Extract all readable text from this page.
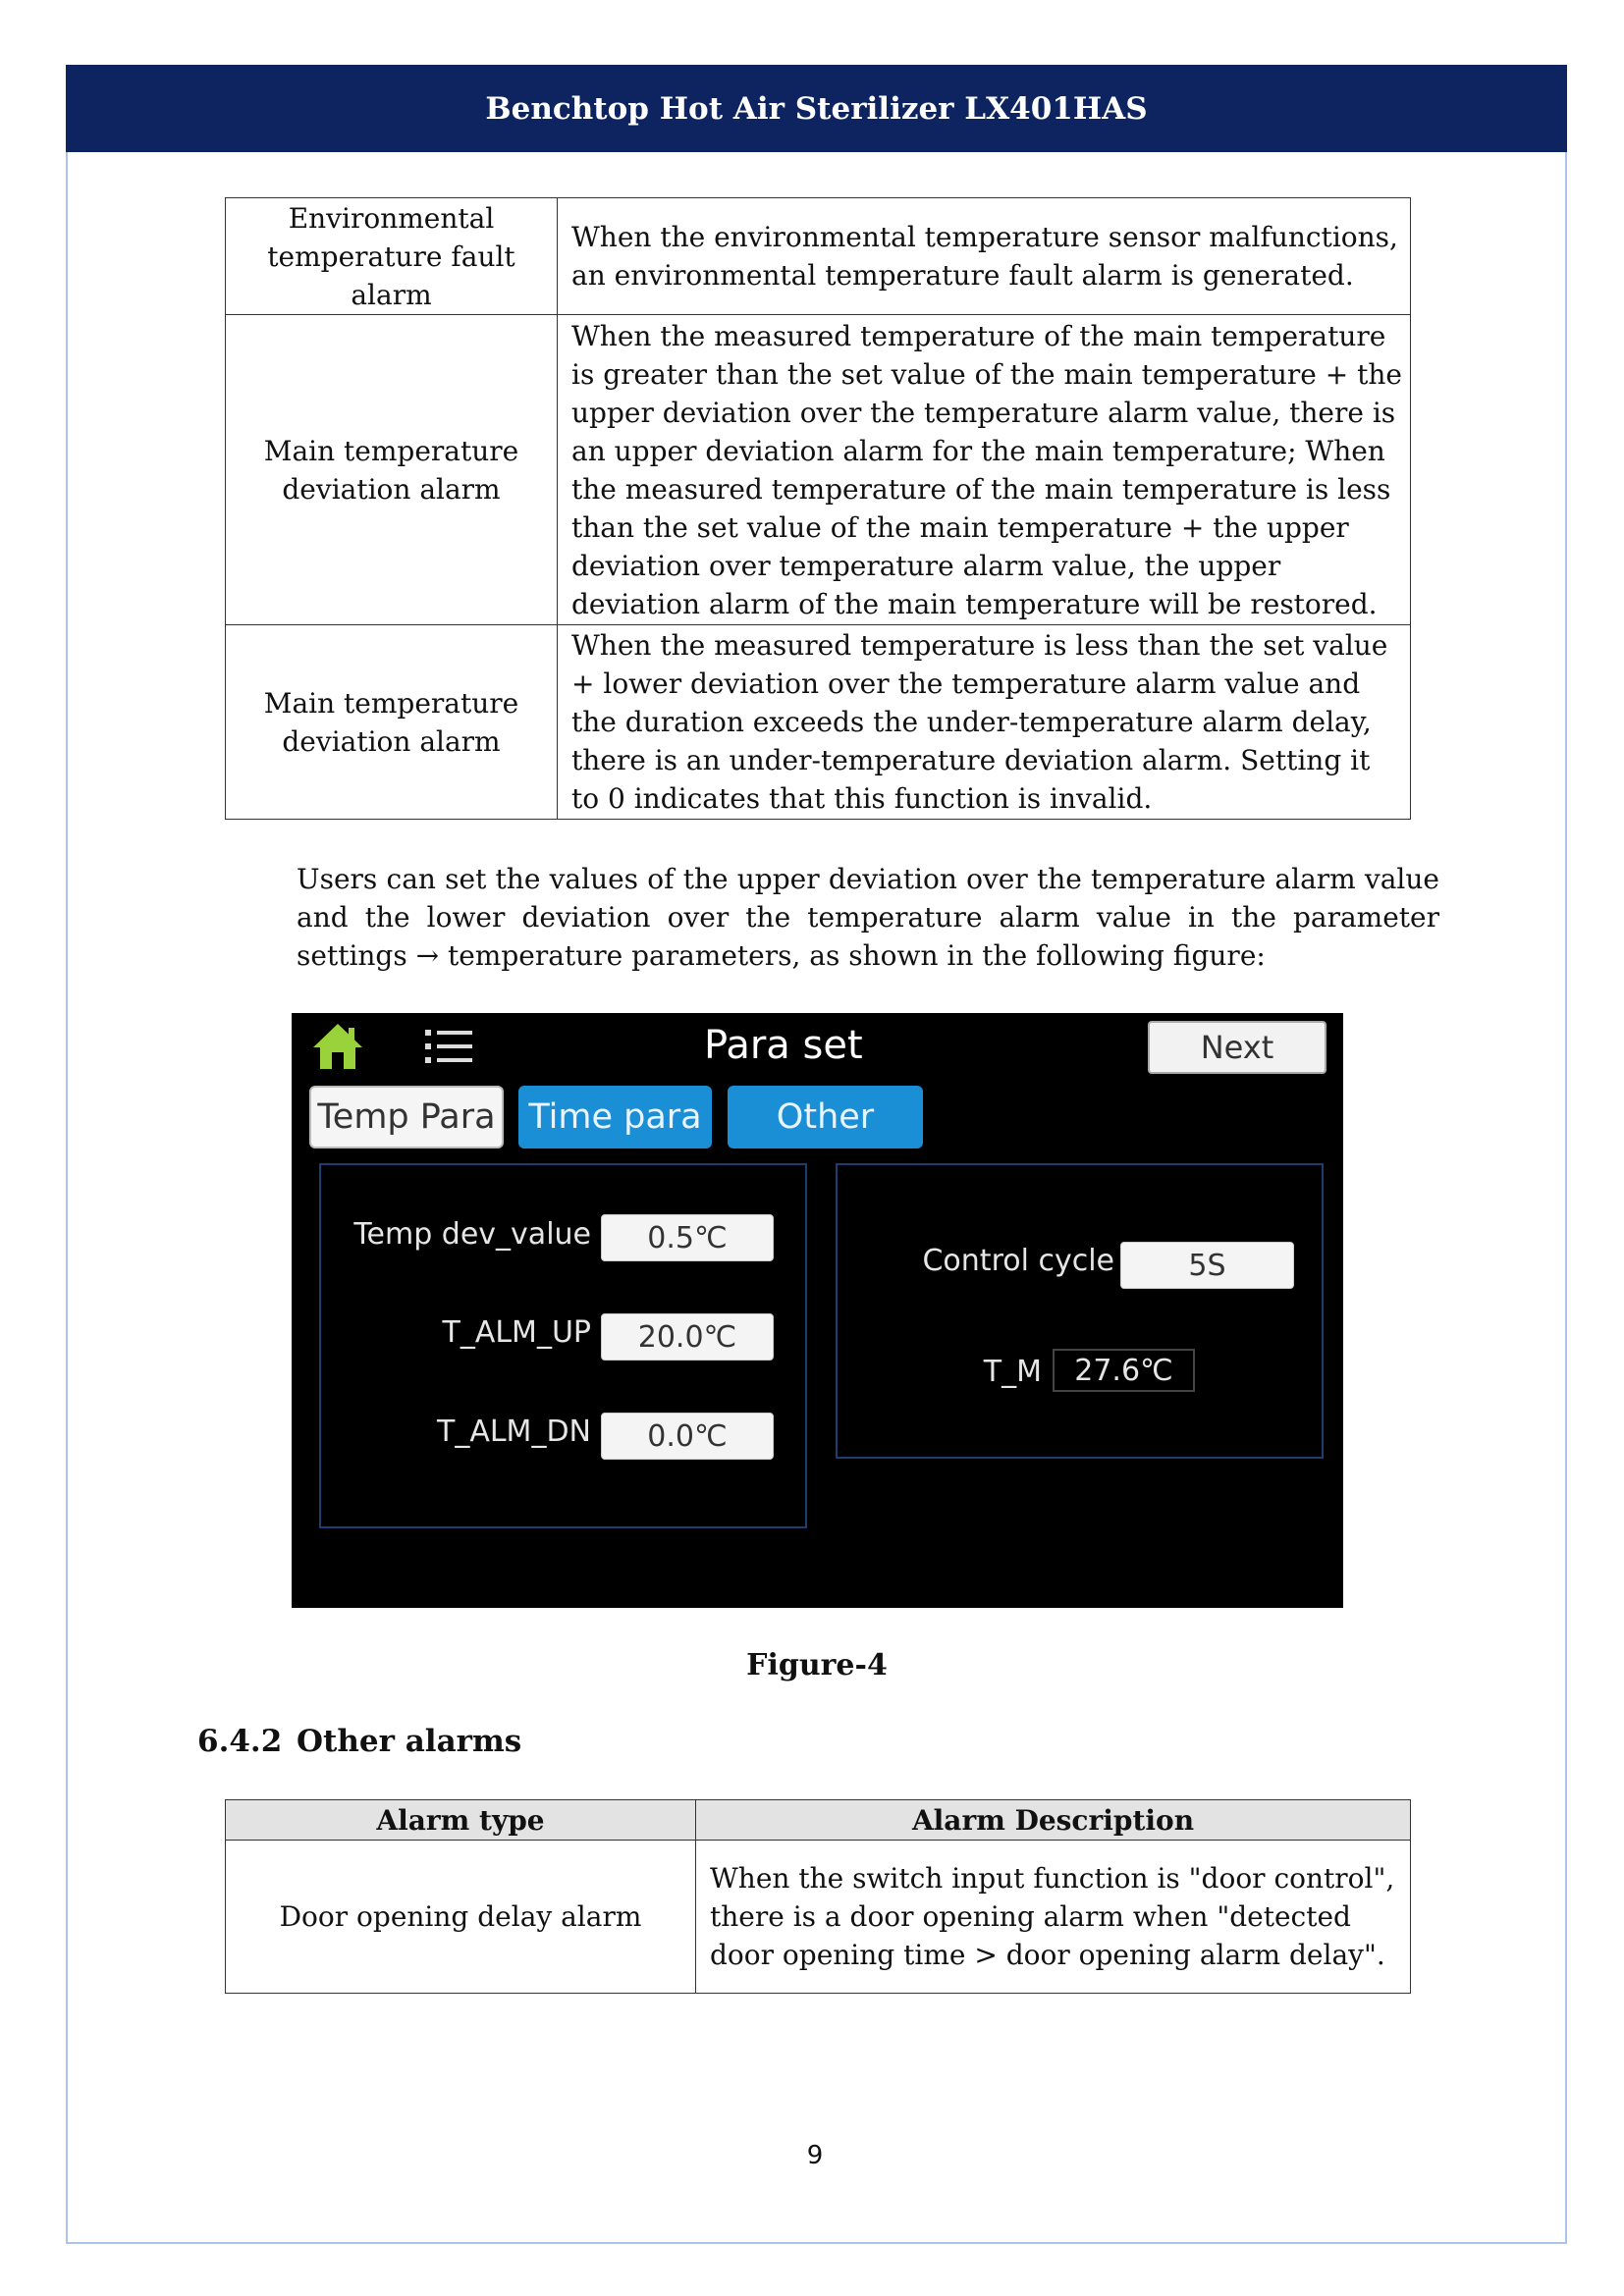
Benchtop Hot Air Sterilizer LX401HAS
Environmental temperature fault alarm	When the environmental temperature sensor malfunctions, an environmental temperature fault alarm is generated.
Main temperature deviation alarm	When the measured temperature of the main temperature is greater than the set value of the main temperature + the upper deviation over the temperature alarm value, there is an upper deviation alarm for the main temperature; When the measured temperature of the main temperature is less than the set value of the main temperature + the upper deviation over temperature alarm value, the upper deviation alarm of the main temperature will be restored.
Main temperature deviation alarm	When the measured temperature is less than the set value + lower deviation over the temperature alarm value and the duration exceeds the under-temperature alarm delay, there is an under-temperature deviation alarm. Setting it to 0 indicates that this function is invalid.
Users can set the values of the upper deviation over the temperature alarm value and the lower deviation over the temperature alarm value in the parameter settings → temperature parameters, as shown in the following figure:
Para set	Next
Temp Para Time para	Other
Temp dev_value	0.5℃
T_ALM_UP	20.0℃
T_ALM_DN	0.0℃
Control cycle	5S
T_M	27.6℃
Figure-4
6.4.2 Other alarms
Alarm type	Alarm Description
Door opening delay alarm	When the switch input function is "door control", there is a door opening alarm when "detected door opening time > door opening alarm delay".
9
